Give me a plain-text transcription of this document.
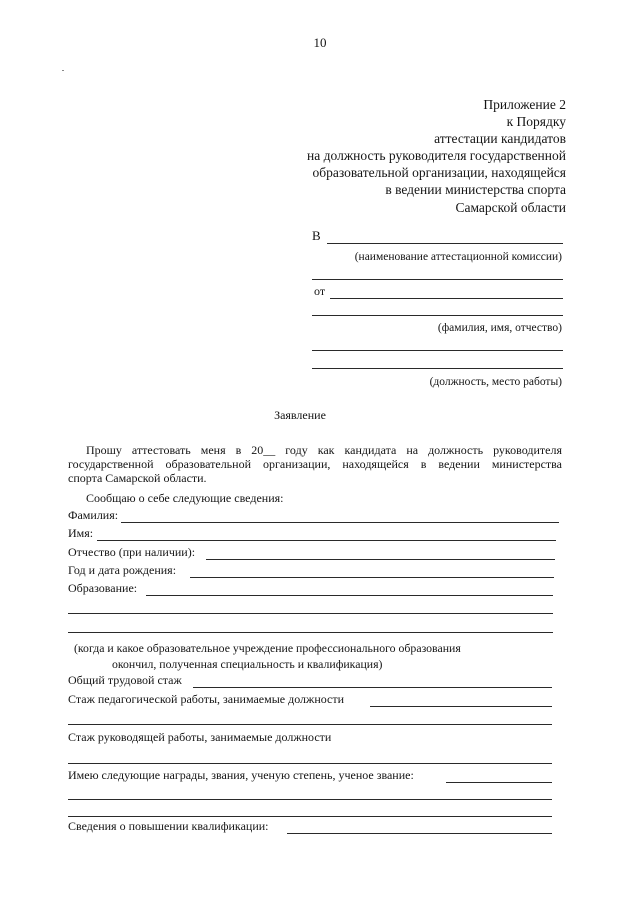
10
Приложение 2
к Порядку
аттестации кандидатов
на должность руководителя государственной
образовательной организации, находящейся
в ведении министерства спорта
Самарской области
В
(наименование аттестационной комиссии)
от
(фамилия, имя, отчество)
(должность, место работы)
Заявление
Прошу аттестовать меня в 20__ году как кандидата на должность руководителя
государственной образовательной организации, находящейся в ведении министерства
спорта Самарской области.
Сообщаю о себе следующие сведения:
Фамилия:
Имя:
Отчество (при наличии):
Год и дата рождения:
Образование:
(когда и какое образовательное учреждение профессионального образования
окончил, полученная специальность и квалификация)
Общий трудовой стаж
Стаж педагогической работы, занимаемые должности
Стаж руководящей работы, занимаемые должности
Имею следующие награды, звания, ученую степень, ученое звание:
Сведения о повышении квалификации:
